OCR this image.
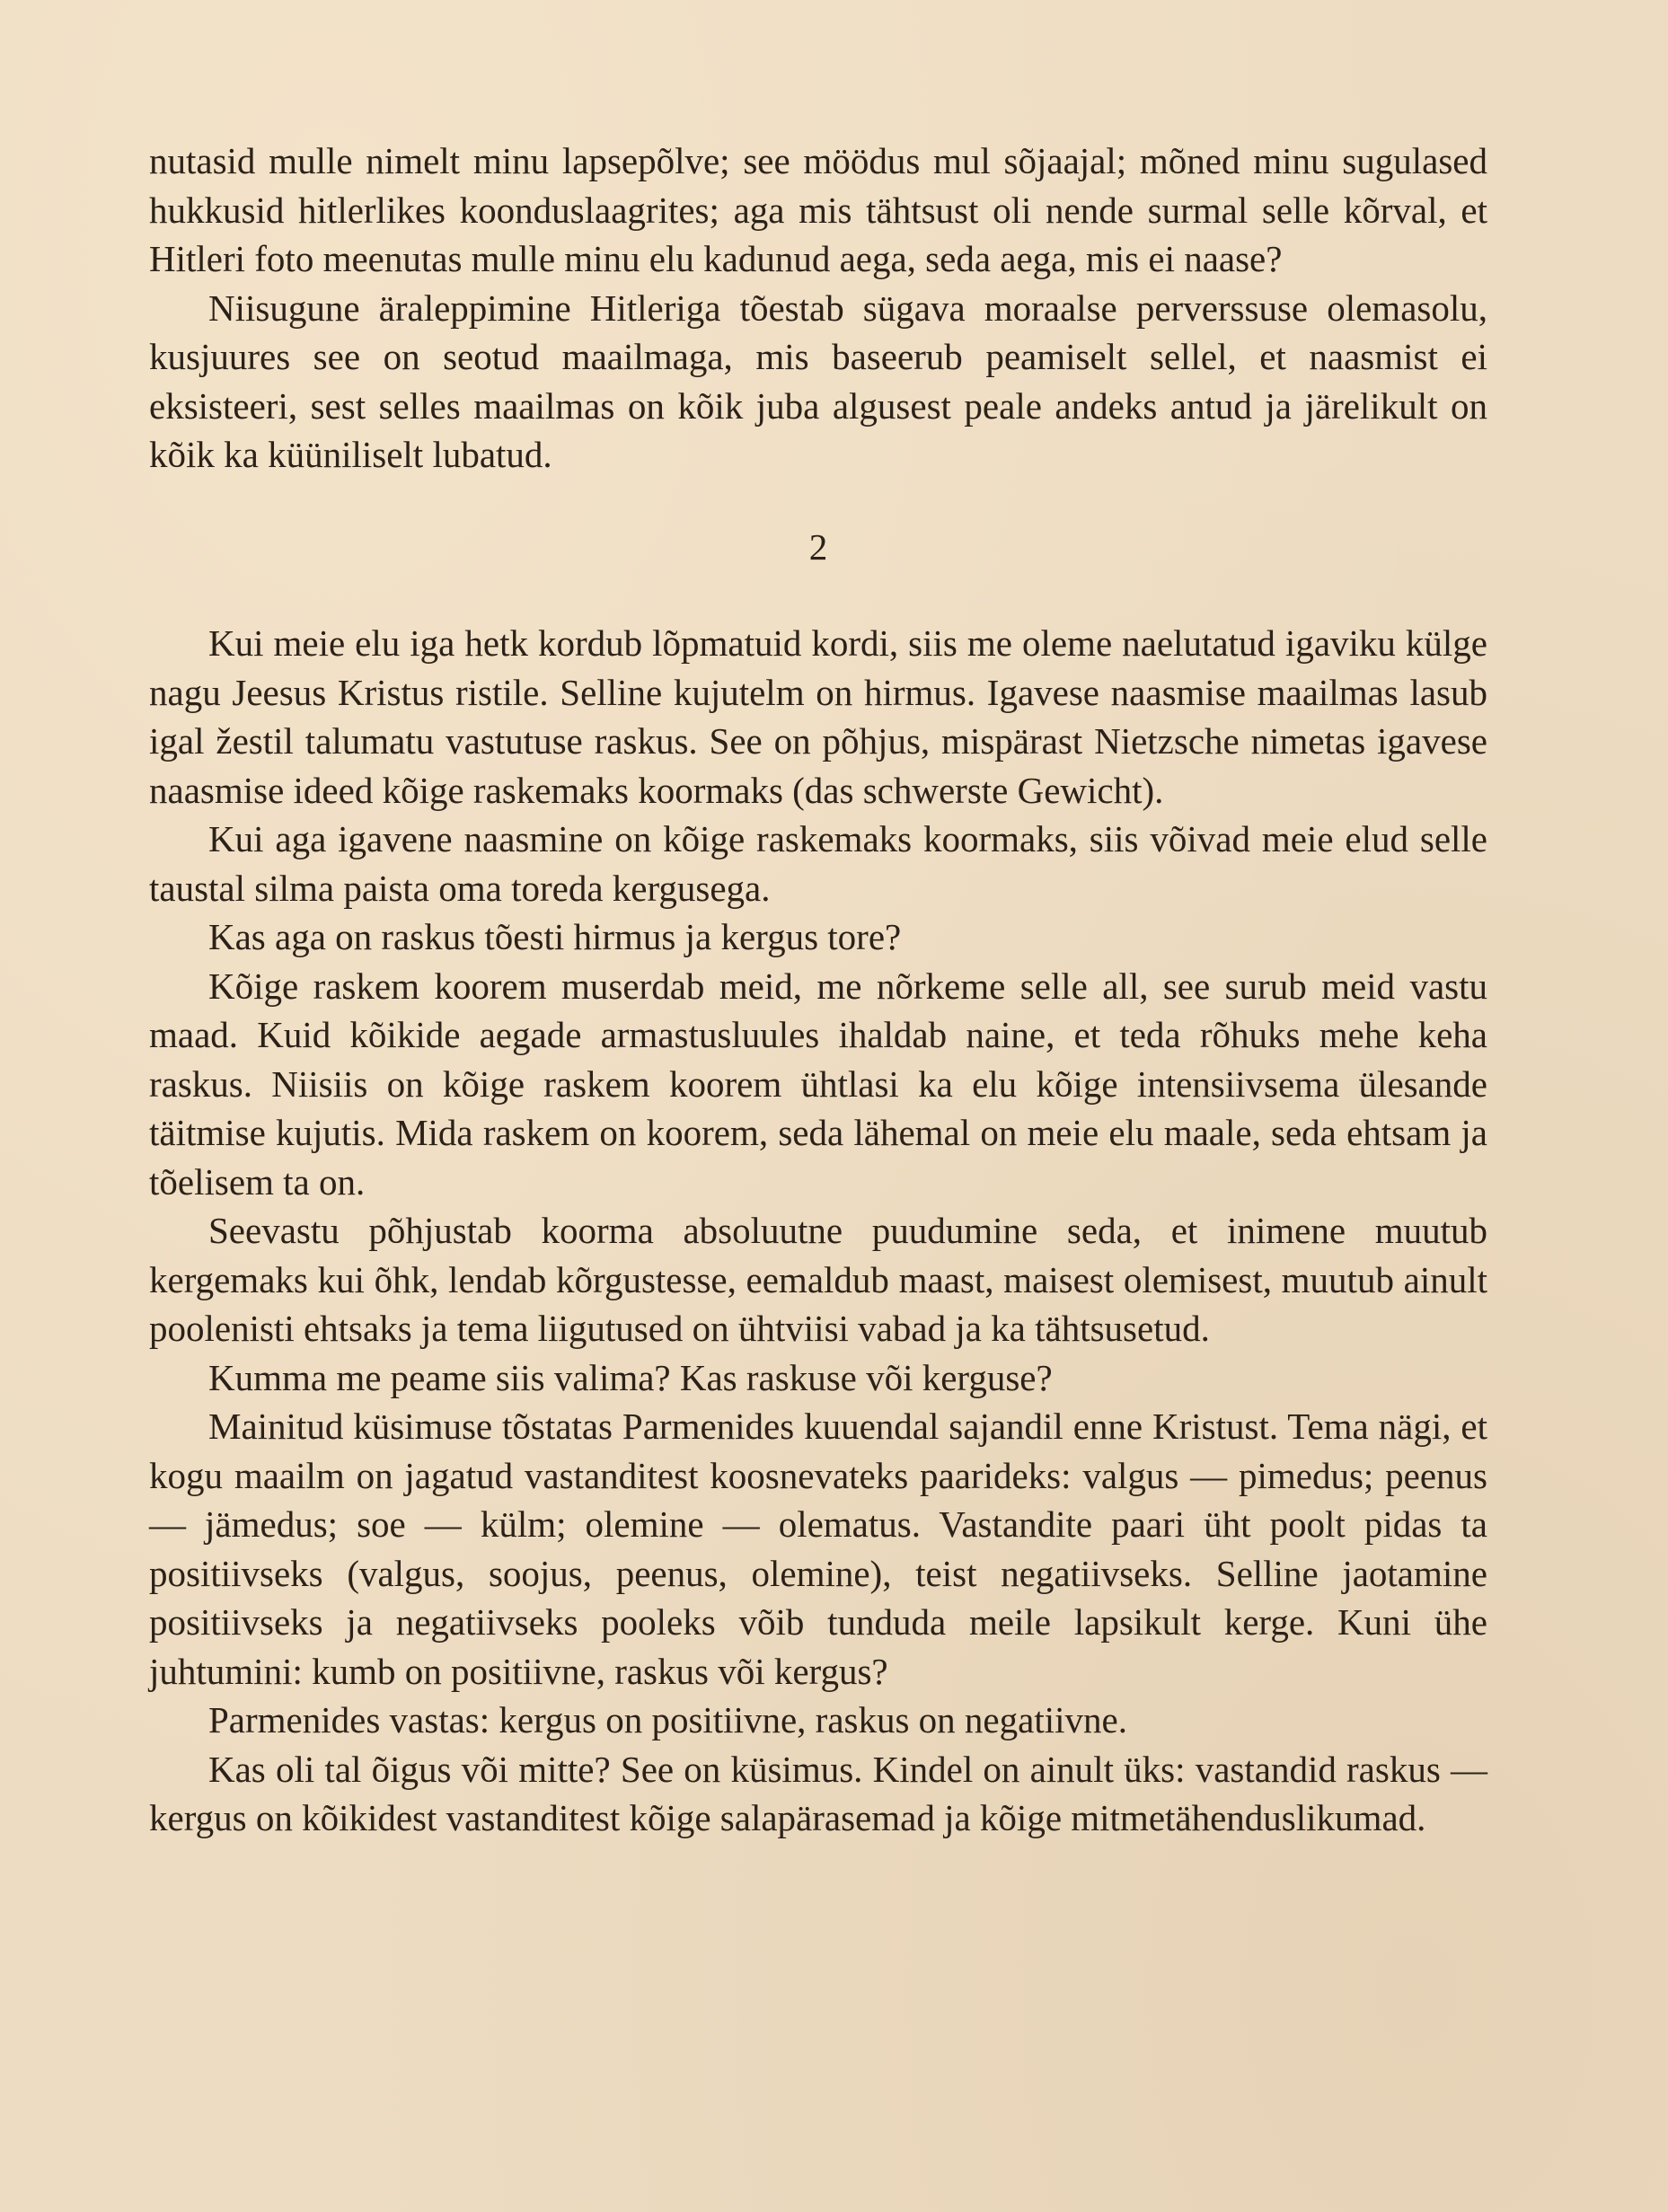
nutasid mulle nimelt minu lapsepõlve; see möödus mul sõjaajal; mõned minu sugulased hukkusid hitlerlikes koonduslaagrites; aga mis tähtsust oli nende surmal selle kõrval, et Hitleri foto meenutas mulle minu elu kadunud aega, seda aega, mis ei naase?

Niisugune äraleppimine Hitleriga tõestab sügava moraalse perverssuse olemasolu, kusjuures see on seotud maailmaga, mis baseerub peamiselt sellel, et naasmist ei eksisteeri, sest selles maailmas on kõik juba algusest peale andeks antud ja järelikult on kõik ka küüniliselt lubatud.

2

Kui meie elu iga hetk kordub lõpmatuid kordi, siis me oleme naelutatud igaviku külge nagu Jeesus Kristus ristile. Selline kujutelm on hirmus. Igavese naasmise maailmas lasub igal žestil talumatu vastutuse raskus. See on põhjus, mispärast Nietzsche nimetas igavese naasmise ideed kõige raskemaks koormaks (das schwerste Gewicht).

Kui aga igavene naasmine on kõige raskemaks koormaks, siis võivad meie elud selle taustal silma paista oma toreda kergusega.

Kas aga on raskus tõesti hirmus ja kergus tore?

Kõige raskem koorem muserdab meid, me nõrkeme selle all, see surub meid vastu maad. Kuid kõikide aegade armastusluules ihaldab naine, et teda rõhuks mehe keha raskus. Niisiis on kõige raskem koorem ühtlasi ka elu kõige intensiivsema ülesande täitmise kujutis. Mida raskem on koorem, seda lähemal on meie elu maale, seda ehtsam ja tõelisem ta on.

Seevastu põhjustab koorma absoluutne puudumine seda, et inimene muutub kergemaks kui õhk, lendab kõrgustesse, eemaldub maast, maisest olemisest, muutub ainult poolenisti ehtsaks ja tema liigutused on ühtviisi vabad ja ka tähtsusetud.

Kumma me peame siis valima? Kas raskuse või kerguse?

Mainitud küsimuse tõstatas Parmenides kuuendal sajandil enne Kristust. Tema nägi, et kogu maailm on jagatud vastanditest koosnevateks paarideks: valgus — pimedus; peenus — jämedus; soe — külm; olemine — olematus. Vastandite paari üht poolt pidas ta positiivseks (valgus, soojus, peenus, olemine), teist negatiivseks. Selline jaotamine positiivseks ja negatiivseks pooleks võib tunduda meile lapsikult kerge. Kuni ühe juhtumini: kumb on positiivne, raskus või kergus?

Parmenides vastas: kergus on positiivne, raskus on negatiivne.

Kas oli tal õigus või mitte? See on küsimus. Kindel on ainult üks: vastandid raskus — kergus on kõikidest vastanditest kõige salapärasemad ja kõige mitmetähenduslikumad.
